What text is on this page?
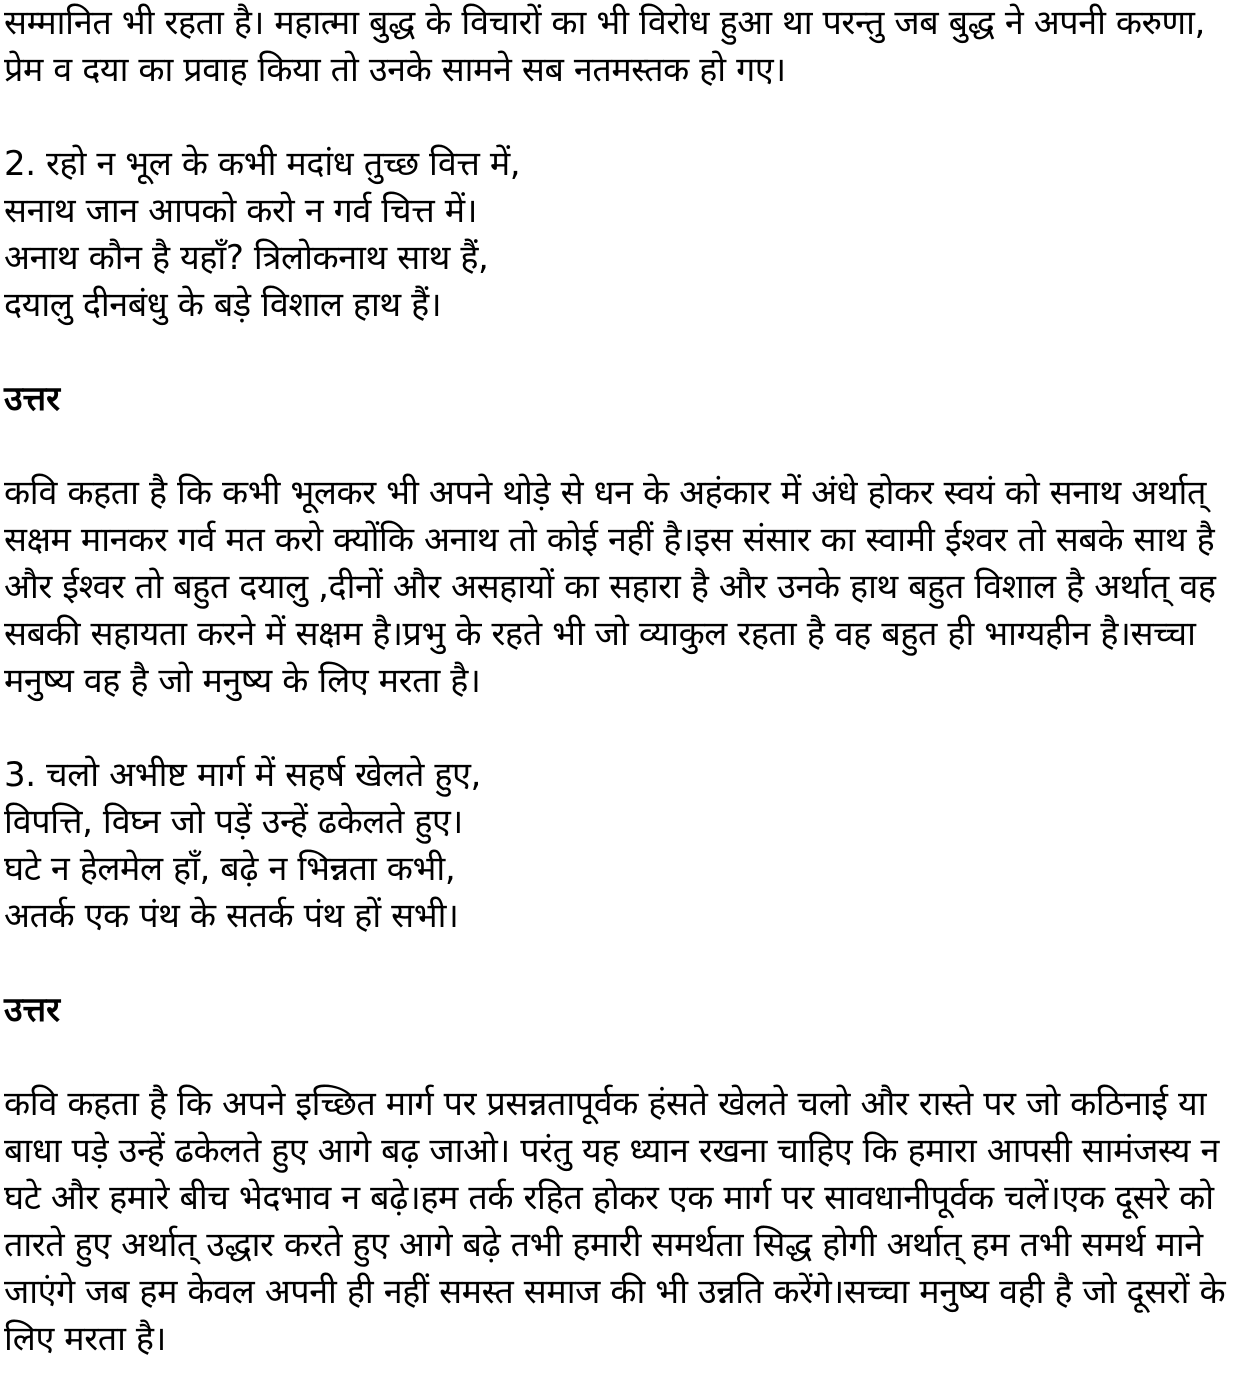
सम्मानित भी रहता है। महात्मा बुद्ध के विचारों का भी विरोध हुआ था परन्तु जब बुद्ध ने अपनी करुणा, प्रेम व दया का प्रवाह किया तो उनके सामने सब नतमस्तक हो गए।

2. रहो न भूल के कभी मदांध तुच्छ वित्त में,
सनाथ जान आपको करो न गर्व चित्त में।
अनाथ कौन है यहाँ? त्रिलोकनाथ साथ हैं,
दयालु दीनबंधु के बड़े विशाल हाथ हैं।
उत्तर

कवि कहता है कि कभी भूलकर भी अपने थोड़े से धन के अहंकार में अंधे होकर स्वयं को सनाथ अर्थात् सक्षम मानकर गर्व मत करो क्योंकि अनाथ तो कोई नहीं है।इस संसार का स्वामी ईश्वर तो सबके साथ है और ईश्वर तो बहुत दयालु ,दीनों और असहायों का सहारा है और उनके हाथ बहुत विशाल है अर्थात् वह सबकी सहायता करने में सक्षम है।प्रभु के रहते भी जो व्याकुल रहता है वह बहुत ही भाग्यहीन है।सच्चा मनुष्य वह है जो मनुष्य के लिए मरता है।

3. चलो अभीष्ट मार्ग में सहर्ष खेलते हुए,
विपत्ति, विघ्न जो पड़ें उन्हें ढकेलते हुए।
घटे न हेलमेल हाँ, बढ़े न भिन्नता कभी,
अतर्क एक पंथ के सतर्क पंथ हों सभी।
उत्तर

कवि कहता है कि अपने इच्छित मार्ग पर प्रसन्नतापूर्वक हंसते खेलते चलो और रास्ते पर जो कठिनाई या बाधा पड़े उन्हें ढकेलते हुए आगे बढ़ जाओ। परंतु यह ध्यान रखना चाहिए कि हमारा आपसी सामंजस्य न घटे और हमारे बीच भेदभाव न बढ़े।हम तर्क रहित होकर एक मार्ग पर सावधानीपूर्वक चलें।एक दूसरे को तारते हुए अर्थात् उद्धार करते हुए आगे बढ़े तभी हमारी समर्थता सिद्ध होगी अर्थात् हम तभी समर्थ माने जाएंगे जब हम केवल अपनी ही नहीं समस्त समाज की भी उन्नति करेंगे।सच्चा मनुष्य वही है जो दूसरों के लिए मरता है।
